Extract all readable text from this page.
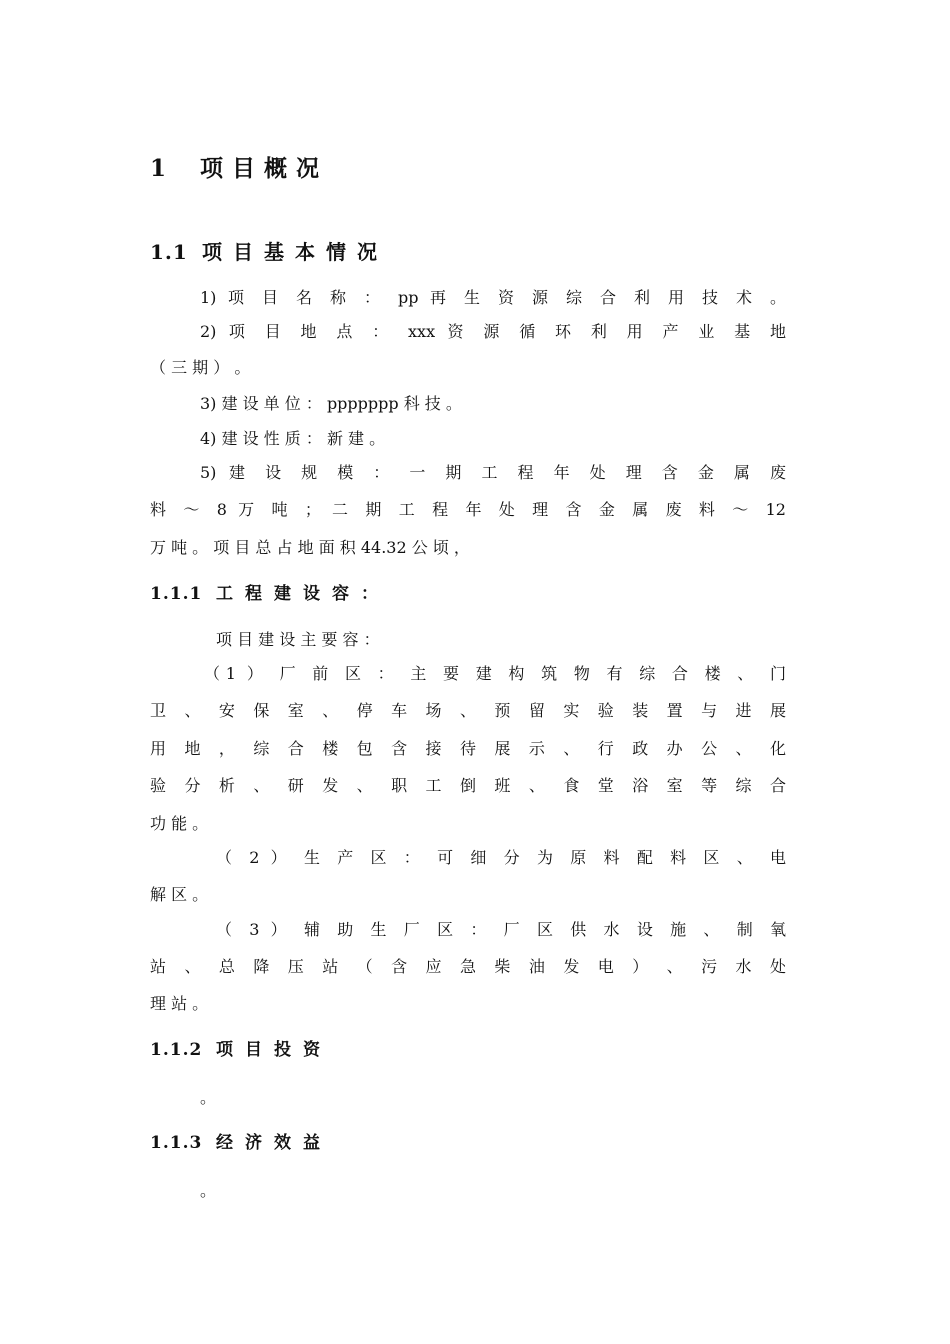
1 项目概况
1.1 项目基本情况
1) 项 目 名 称 ： pp 再 生 资 源 综 合 利 用 技 术 。
2) 项 目 地 点 ： xxx 资 源 循 环 利 用 产 业 基 地
（ 三 期 ） 。
3) 建 设 单 位 ： ppppppp 科 技 。
4) 建 设 性 质 ： 新 建 。
5) 建 设 规 模 ： 一 期 工 程 年 处 理 含 金 属 废
料 ～ 8 万 吨 ； 二 期 工 程 年 处 理 含 金 属 废 料 ～ 12
万 吨 。 项 目 总 占 地 面 积 44.32 公 顷 ，
1.1.1 工程建设容：
项 目 建 设 主 要 容 ：
（1 ） 厂 前 区 ： 主 要 建 构 筑 物 有 综 合 楼 、 门
卫 、 安 保 室 、 停 车 场 、 预 留 实 验 装 置 与 进 展
用 地 ， 综 合 楼 包 含 接 待 展 示 、 行 政 办 公 、 化
验 分 析 、 研 发 、 职 工 倒 班 、 食 堂 浴 室 等 综 合
功 能 。
（ 2 ） 生 产 区 ： 可 细 分 为 原 料 配 料 区 、 电
解 区 。
（ 3 ） 辅 助 生 厂 区 ： 厂 区 供 水 设 施 、 制 氧
站 、 总 降 压 站 （ 含 应 急 柴 油 发 电 ） 、 污 水 处
理 站 。
1.1.2 项目投资
。
1.1.3 经济效益
。
